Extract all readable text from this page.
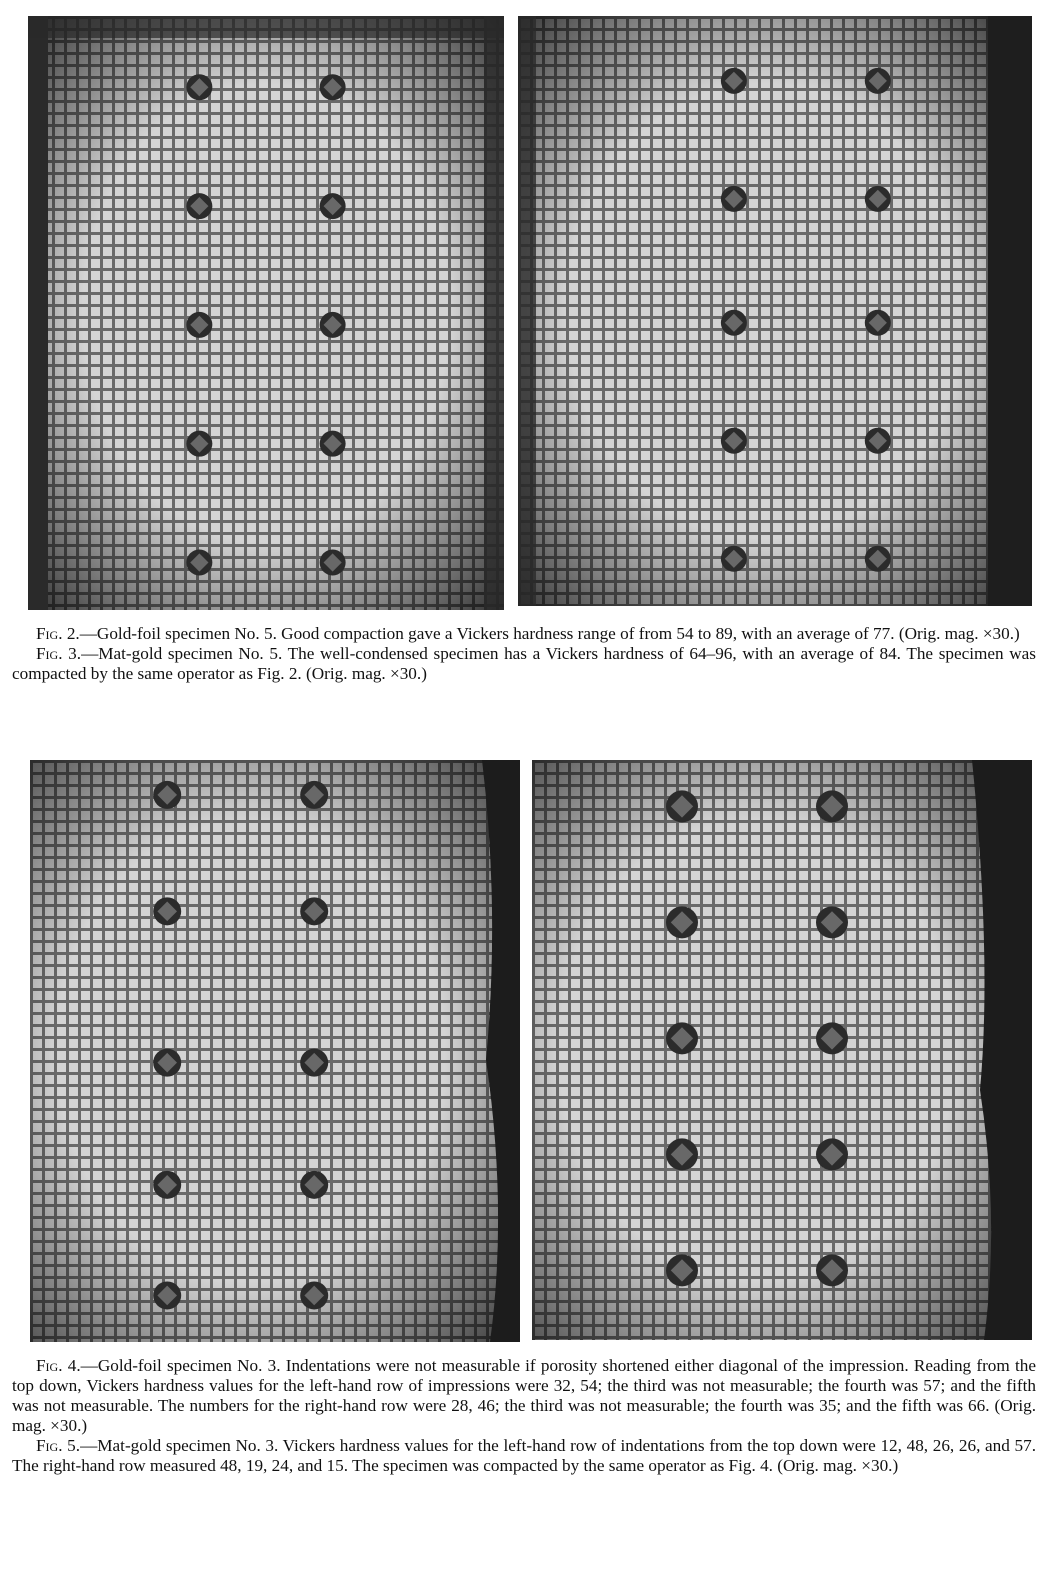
Fig. 2.—Gold-foil specimen No. 5. Good compaction gave a Vickers hardness range of from 54 to 89, with an average of 77. (Orig. mag. ×30.)

Fig. 3.—Mat-gold specimen No. 5. The well-condensed specimen has a Vickers hardness of 64–96, with an average of 84. The specimen was compacted by the same operator as Fig. 2. (Orig. mag. ×30.)

Fig. 4.—Gold-foil specimen No. 3. Indentations were not measurable if porosity shortened either diagonal of the impression. Reading from the top down, Vickers hardness values for the left-hand row of impressions were 32, 54; the third was not measurable; the fourth was 57; and the fifth was not measurable. The numbers for the right-hand row were 28, 46; the third was not measurable; the fourth was 35; and the fifth was 66. (Orig. mag. ×30.)

Fig. 5.—Mat-gold specimen No. 3. Vickers hardness values for the left-hand row of indentations from the top down were 12, 48, 26, 26, and 57. The right-hand row measured 48, 19, 24, and 15. The specimen was compacted by the same operator as Fig. 4. (Orig. mag. ×30.)
